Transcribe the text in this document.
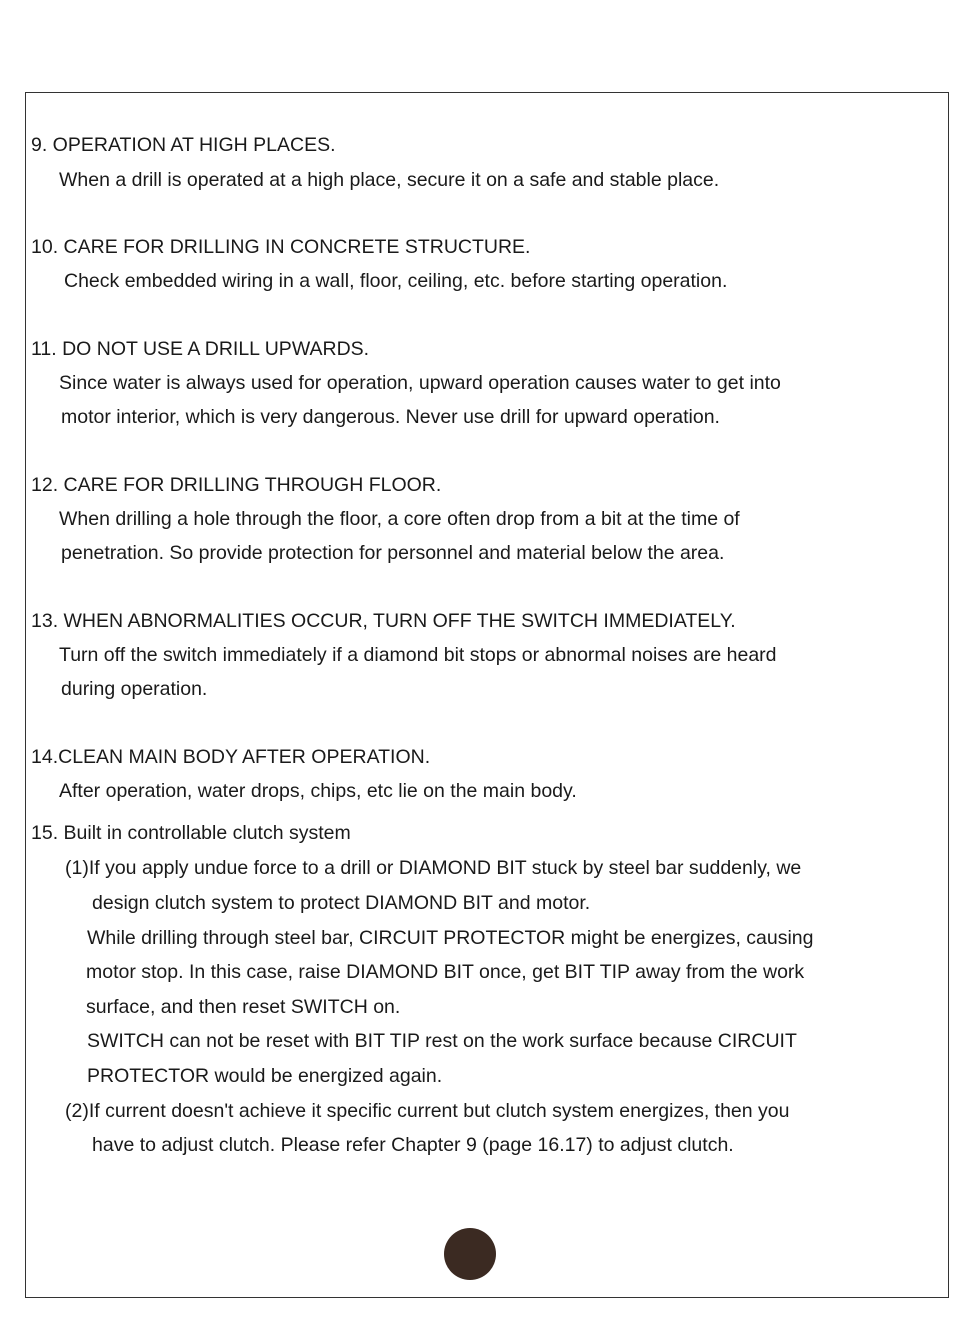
9. OPERATION AT HIGH PLACES.
When a drill is operated at a high place, secure it on a safe and stable place.
10. CARE FOR DRILLING IN CONCRETE STRUCTURE.
Check embedded wiring in a wall, floor, ceiling, etc. before starting operation.
11. DO NOT USE A DRILL UPWARDS.
Since water is always used for operation, upward operation causes water to get into
motor interior, which is very dangerous. Never use drill for upward operation.
12. CARE FOR DRILLING THROUGH FLOOR.
When drilling a hole through the floor, a core often drop from a bit at the time of
penetration. So provide protection for personnel and material below the area.
13. WHEN ABNORMALITIES OCCUR, TURN OFF THE SWITCH IMMEDIATELY.
Turn off the switch immediately if a diamond bit stops or abnormal noises are heard
during operation.
14.CLEAN MAIN BODY AFTER OPERATION.
After operation, water drops, chips, etc lie on the main body.
15. Built in controllable clutch system
(1)If you apply undue force to a drill or DIAMOND BIT stuck by steel bar suddenly, we
design clutch system to protect DIAMOND BIT and motor.
While drilling through steel bar, CIRCUIT PROTECTOR might be energizes, causing
motor stop. In this case, raise DIAMOND BIT once, get BIT TIP away from the work
surface, and then reset SWITCH on.
SWITCH can not be reset with BIT TIP rest on the work surface because CIRCUIT
PROTECTOR would be energized again.
(2)If current doesn't achieve it specific current but clutch system energizes, then you
have to adjust clutch. Please refer Chapter 9 (page 16.17) to adjust clutch.
